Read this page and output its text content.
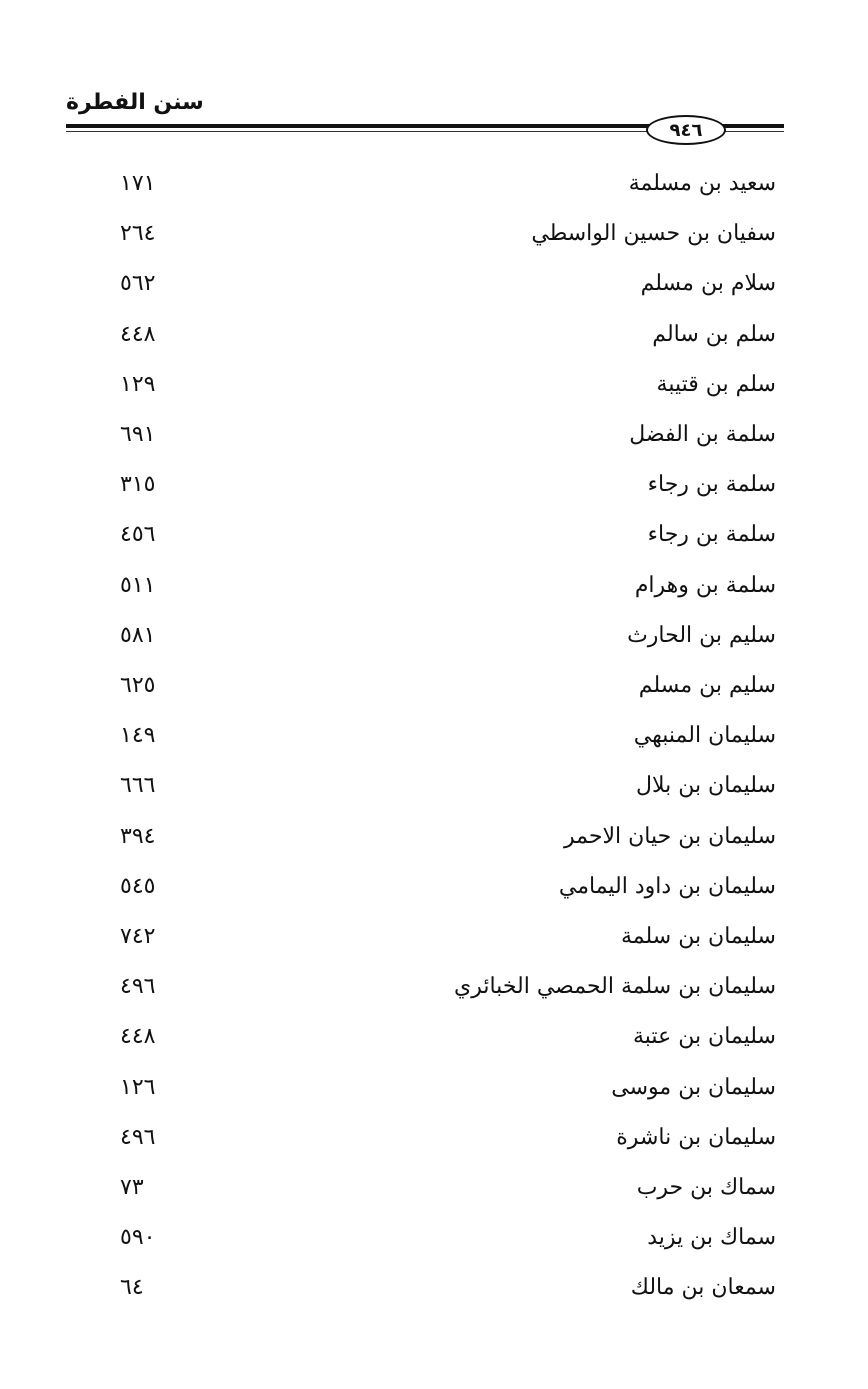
سنن الفطرة
٩٤٦
سعيد بن مسلمة
١٧١
سفيان بن حسين الواسطي
٢٦٤
سلام بن مسلم
٥٦٢
سلم بن سالم
٤٤٨
سلم بن قتيبة
١٢٩
سلمة بن الفضل
٦٩١
سلمة بن رجاء
٣١٥
سلمة بن رجاء
٤٥٦
سلمة بن وهرام
٥١١
سليم بن الحارث
٥٨١
سليم بن مسلم
٦٢٥
سليمان المنبهي
١٤٩
سليمان بن بلال
٦٦٦
سليمان بن حيان الاحمر
٣٩٤
سليمان بن داود اليمامي
٥٤٥
سليمان بن سلمة
٧٤٢
سليمان بن سلمة الحمصي الخبائري
٤٩٦
سليمان بن عتبة
٤٤٨
سليمان بن موسى
١٢٦
سليمان بن ناشرة
٤٩٦
سماك بن حرب
٧٣
سماك بن يزيد
٥٩٠
سمعان بن مالك
٦٤
